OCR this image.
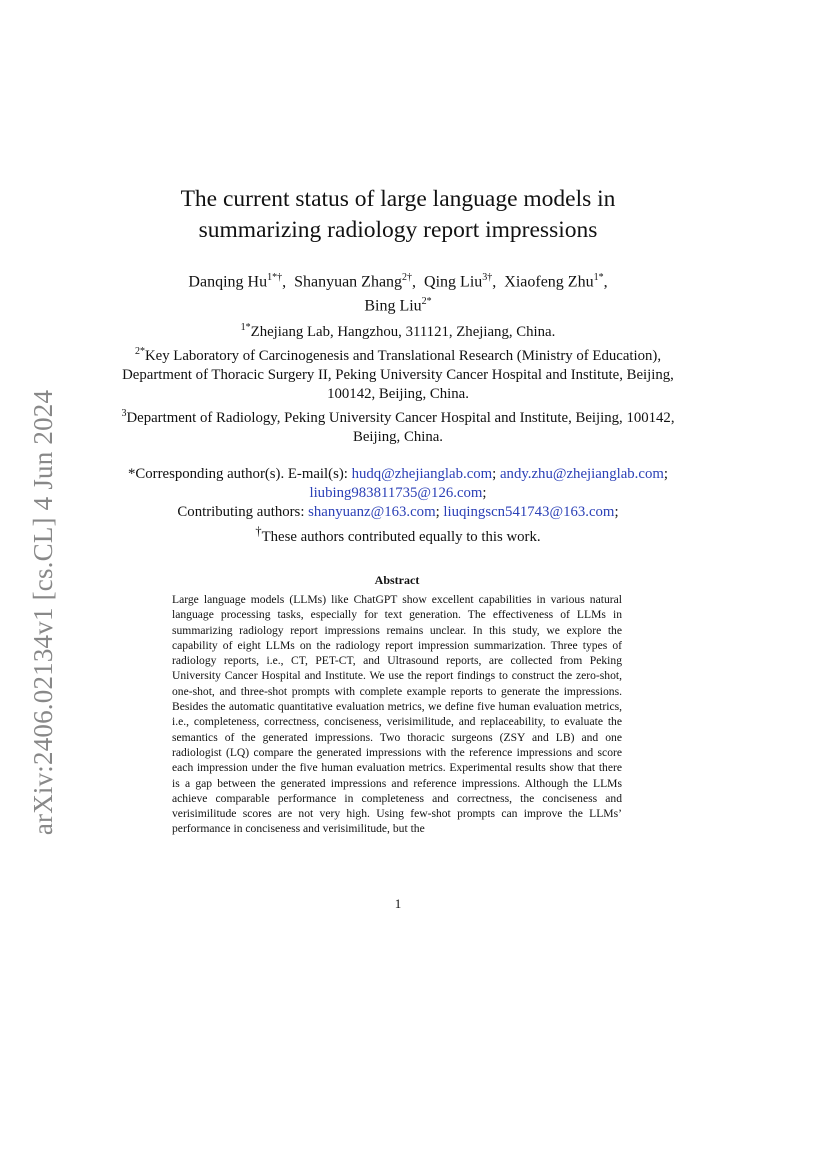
arXiv:2406.02134v1 [cs.CL] 4 Jun 2024
The current status of large language models in summarizing radiology report impressions
Danqing $Hu^{1*\dagger}$,  Shanyuan Zhang$^{2\dagger}$,  Qing Liu$^{3\dagger}$,  Xiaofeng Zhu$^{1*}$,
Bing Liu$^{2*}$
$^{1*}$Zhejiang Lab, Hangzhou, 311121, Zhejiang, China.
$^{2*}$Key Laboratory of Carcinogenesis and Translational Research (Ministry of Education), Department of Thoracic Surgery II, Peking University Cancer Hospital and Institute, Beijing, 100142, Beijing, China.
$^3$Department of Radiology, Peking University Cancer Hospital and Institute, Beijing, 100142, Beijing, China.
*Corresponding author(s). E-mail(s): hudq@zhejianglab.com; andy.zhu@zhejianglab.com; liubing983811735@126.com;
Contributing authors: shanyuanz@163.com; liuqingscn541743@163.com;
†These authors contributed equally to this work.
Abstract
Large language models (LLMs) like ChatGPT show excellent capabilities in various natural language processing tasks, especially for text generation. The effectiveness of LLMs in summarizing radiology report impressions remains unclear. In this study, we explore the capability of eight LLMs on the radiology report impression summarization. Three types of radiology reports, i.e., CT, PET-CT, and Ultrasound reports, are collected from Peking University Cancer Hospital and Institute. We use the report findings to construct the zero-shot, one-shot, and three-shot prompts with complete example reports to generate the impressions. Besides the automatic quantitative evaluation metrics, we define five human evaluation metrics, i.e., completeness, correctness, conciseness, verisimilitude, and replaceability, to evaluate the semantics of the generated impressions. Two thoracic surgeons (ZSY and LB) and one radiologist (LQ) compare the generated impressions with the reference impressions and score each impression under the five human evaluation metrics. Experimental results show that there is a gap between the generated impressions and reference impressions. Although the LLMs achieve comparable performance in completeness and correctness, the conciseness and verisimilitude scores are not very high. Using few-shot prompts can improve the LLMs’ performance in conciseness and verisimilitude, but the
1
